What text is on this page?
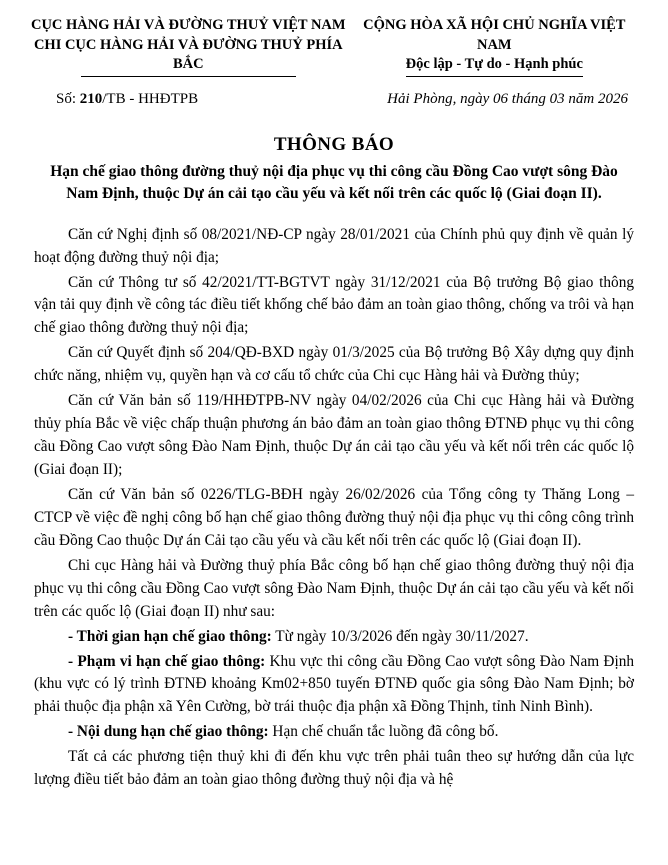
CỤC HÀNG HẢI VÀ ĐƯỜNG THUỶ VIỆT NAM
CHI CỤC HÀNG HẢI VÀ ĐƯỜNG THUỶ PHÍA BẮC
CỘNG HÒA XÃ HỘI CHỦ NGHĨA VIỆT NAM
Độc lập - Tự do - Hạnh phúc
Số: 210/TB - HHĐTPB	Hải Phòng, ngày 06 tháng 03 năm 2026
THÔNG BÁO
Hạn chế giao thông đường thuỷ nội địa phục vụ thi công cầu Đồng Cao vượt sông Đào Nam Định, thuộc Dự án cải tạo cầu yếu và kết nối trên các quốc lộ (Giai đoạn II).

Căn cứ Nghị định số 08/2021/NĐ-CP ngày 28/01/2021 của Chính phủ quy định về quản lý hoạt động đường thuỷ nội địa;

Căn cứ Thông tư số 42/2021/TT-BGTVT ngày 31/12/2021 của Bộ trưởng Bộ giao thông vận tải quy định về công tác điều tiết khống chế bảo đảm an toàn giao thông, chống va trôi và hạn chế giao thông đường thuỷ nội địa;

Căn cứ Quyết định số 204/QĐ-BXD ngày 01/3/2025 của Bộ trưởng Bộ Xây dựng quy định chức năng, nhiệm vụ, quyền hạn và cơ cấu tổ chức của Chi cục Hàng hải và Đường thủy;

Căn cứ Văn bản số 119/HHĐTPB-NV ngày 04/02/2026 của Chi cục Hàng hải và Đường thủy phía Bắc về việc chấp thuận phương án bảo đảm an toàn giao thông ĐTNĐ phục vụ thi công cầu Đồng Cao vượt sông Đào Nam Định, thuộc Dự án cải tạo cầu yếu và kết nối trên các quốc lộ (Giai đoạn II);

Căn cứ Văn bản số 0226/TLG-BĐH ngày 26/02/2026 của Tổng công ty Thăng Long – CTCP về việc đề nghị công bố hạn chế giao thông đường thuỷ nội địa phục vụ thi công công trình cầu Đồng Cao thuộc Dự án Cải tạo cầu yếu và cầu kết nối trên các quốc lộ (Giai đoạn II).

Chi cục Hàng hải và Đường thuỷ phía Bắc công bố hạn chế giao thông đường thuỷ nội địa phục vụ thi công cầu Đồng Cao vượt sông Đào Nam Định, thuộc Dự án cải tạo cầu yếu và kết nối trên các quốc lộ (Giai đoạn II) như sau:

- Thời gian hạn chế giao thông: Từ ngày 10/3/2026 đến ngày 30/11/2027.

- Phạm vi hạn chế giao thông: Khu vực thi công cầu Đồng Cao vượt sông Đào Nam Định (khu vực có lý trình ĐTNĐ khoảng Km02+850 tuyến ĐTNĐ quốc gia sông Đào Nam Định; bờ phải thuộc địa phận xã Yên Cường, bờ trái thuộc địa phận xã Đồng Thịnh, tỉnh Ninh Bình).

- Nội dung hạn chế giao thông: Hạn chế chuẩn tắc luồng đã công bố.

Tất cả các phương tiện thuỷ khi đi đến khu vực trên phải tuân theo sự hướng dẫn của lực lượng điều tiết bảo đảm an toàn giao thông đường thuỷ nội địa và hệ
